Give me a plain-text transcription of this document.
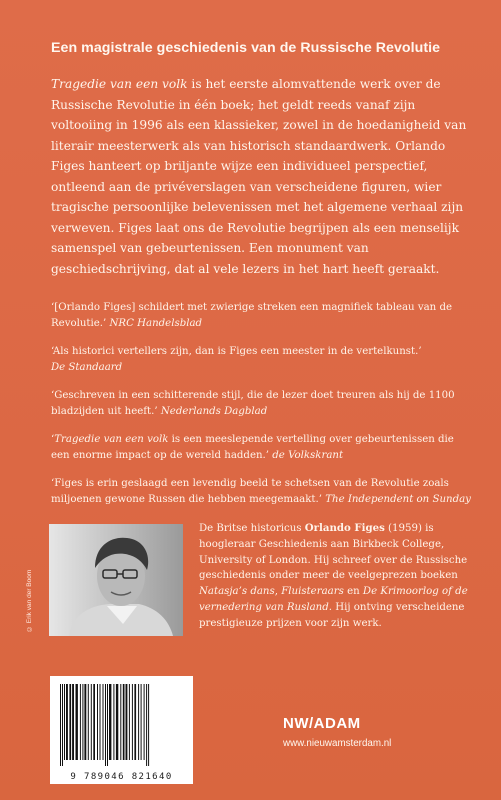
Een magistrale geschiedenis van de Russische Revolutie

Tragedie van een volk is het eerste alomvattende werk over de Russische Revolutie in één boek; het geldt reeds vanaf zijn voltooiing in 1996 als een klassieker, zowel in de hoedanigheid van literair meesterwerk als van historisch standaardwerk. Orlando Figes hanteert op briljante wijze een individueel perspectief, ontleend aan de privéverslagen van verscheidene figuren, wier tragische persoonlijke belevenissen met het algemene verhaal zijn verweven. Figes laat ons de Revolutie begrijpen als een menselijk samenspel van gebeurtenissen. Een monument van geschiedschrijving, dat al vele lezers in het hart heeft geraakt.

‘[Orlando Figes] schildert met zwierige streken een magnifiek tableau van de Revolutie.’ NRC Handelsblad
‘Als historici vertellers zijn, dan is Figes een meester in de vertelkunst.’
De Standaard
‘Geschreven in een schitterende stijl, die de lezer doet treuren als hij de 1100 bladzijden uit heeft.’ Nederlands Dagblad
‘Tragedie van een volk is een meeslepende vertelling over gebeurtenissen die een enorme impact op de wereld hadden.’ de Volkskrant
‘Figes is erin geslaagd een levendig beeld te schetsen van de Revolutie zoals miljoenen gewone Russen die hebben meegemaakt.’ The Independent on Sunday
© Erik van der Boom
De Britse historicus Orlando Figes (1959) is hoogleraar Geschiedenis aan Birkbeck College, University of London. Hij schreef over de Russische geschiedenis onder meer de veelgeprezen boeken Natasja’s dans, Fluisteraars en De Krimoorlog of de vernedering van Rusland. Hij ontving verscheidene prestigieuze prijzen voor zijn werk.
9 789046 821640
NW/ADAM
www.nieuwamsterdam.nl
